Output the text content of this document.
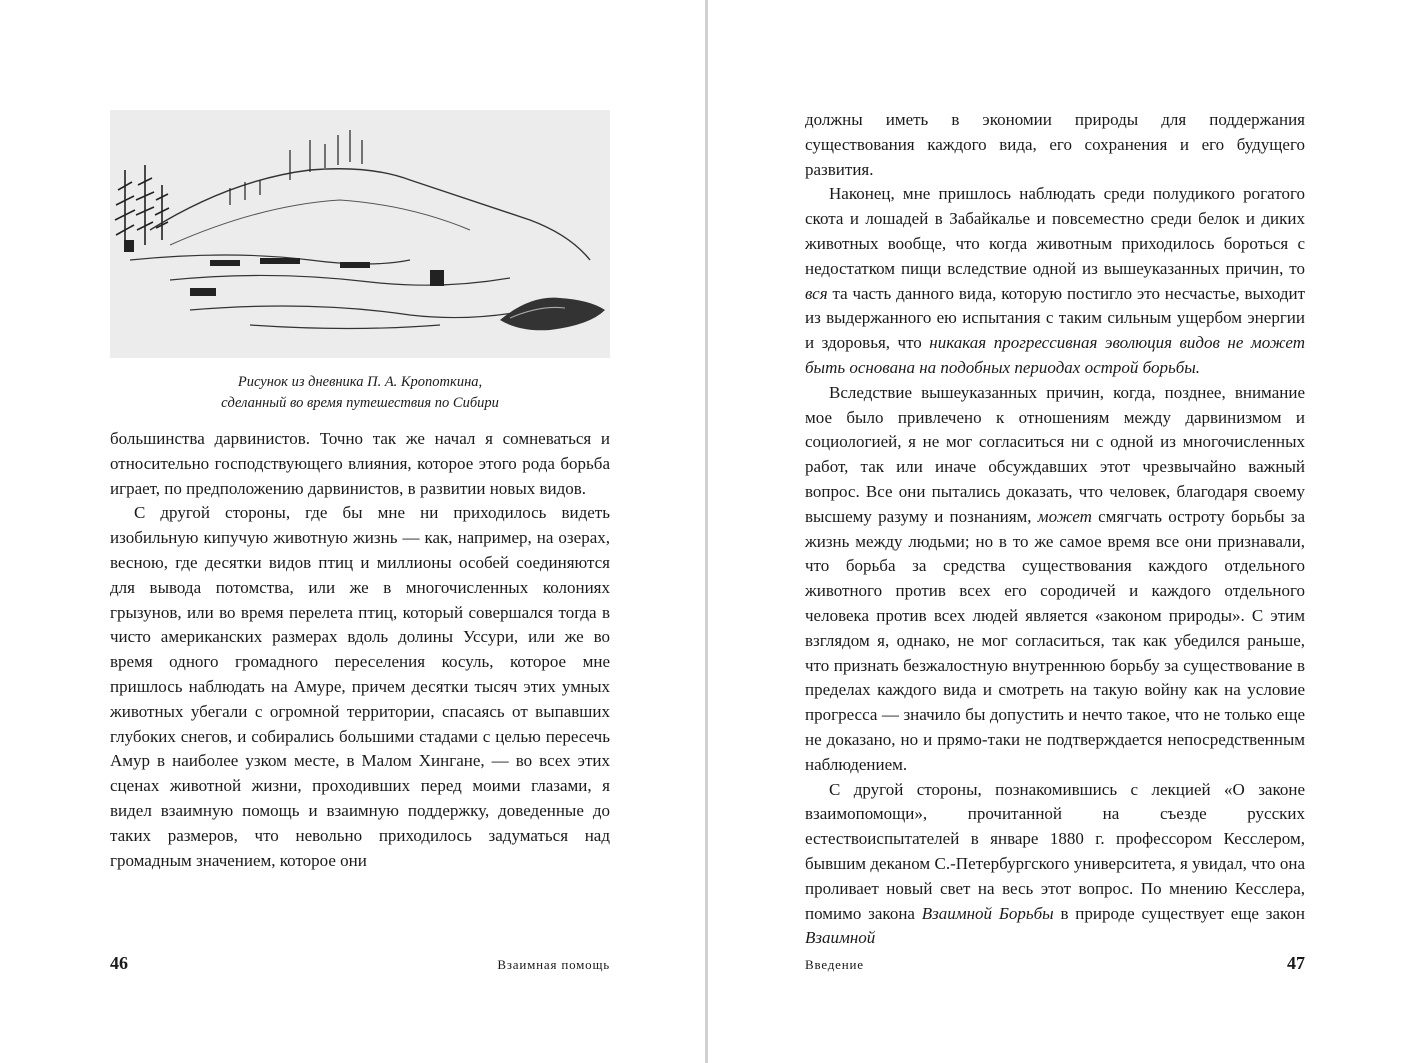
Рисунок из дневника П. А. Кропоткина,
сделанный во время путешествия по Сибири

большинства дарвинистов. Точно так же начал я сомневаться и относительно господствующего влияния, которое этого рода борьба играет, по предположению дарвинистов, в развитии новых видов.

С другой стороны, где бы мне ни приходилось видеть изобильную кипучую животную жизнь — как, например, на озерах, весною, где десятки видов птиц и миллионы особей соединяются для вывода потомства, или же в многочисленных колониях грызунов, или во время перелета птиц, который совершался тогда в чисто американских размерах вдоль долины Уссури, или же во время одного громадного переселения косуль, которое мне пришлось наблюдать на Амуре, причем десятки тысяч этих умных животных убегали с огромной территории, спасаясь от выпавших глубоких снегов, и собирались большими стадами с целью пересечь Амур в наиболее узком месте, в Малом Хингане, — во всех этих сценах животной жизни, проходивших перед моими глазами, я видел взаимную помощь и взаимную поддержку, доведенные до таких размеров, что невольно приходилось задуматься над громадным значением, которое они

46	Взаимная помощь

должны иметь в экономии природы для поддержания существования каждого вида, его сохранения и его будущего развития.

Наконец, мне пришлось наблюдать среди полудикого рогатого скота и лошадей в Забайкалье и повсеместно среди белок и диких животных вообще, что когда животным приходилось бороться с недостатком пищи вследствие одной из вышеуказанных причин, то вся та часть данного вида, которую постигло это несчастье, выходит из выдержанного ею испытания с таким сильным ущербом энергии и здоровья, что никакая прогрессивная эволюция видов не может быть основана на подобных периодах острой борьбы.

Вследствие вышеуказанных причин, когда, позднее, внимание мое было привлечено к отношениям между дарвинизмом и социологией, я не мог согласиться ни с одной из многочисленных работ, так или иначе обсуждавших этот чрезвычайно важный вопрос. Все они пытались доказать, что человек, благодаря своему высшему разуму и познаниям, может смягчать остроту борьбы за жизнь между людьми; но в то же самое время все они признавали, что борьба за средства существования каждого отдельного животного против всех его сородичей и каждого отдельного человека против всех людей является «законом природы». С этим взглядом я, однако, не мог согласиться, так как убедился раньше, что признать безжалостную внутреннюю борьбу за существование в пределах каждого вида и смотреть на такую войну как на условие прогресса — значило бы допустить и нечто такое, что не только еще не доказано, но и прямо-таки не подтверждается непосредственным наблюдением.

С другой стороны, познакомившись с лекцией «О законе взаимопомощи», прочитанной на съезде русских естествоиспытателей в январе 1880 г. профессором Кесслером, бывшим деканом С.-Петербургского университета, я увидал, что она проливает новый свет на весь этот вопрос. По мнению Кесслера, помимо закона Взаимной Борьбы в природе существует еще закон Взаимной

Введение	47
